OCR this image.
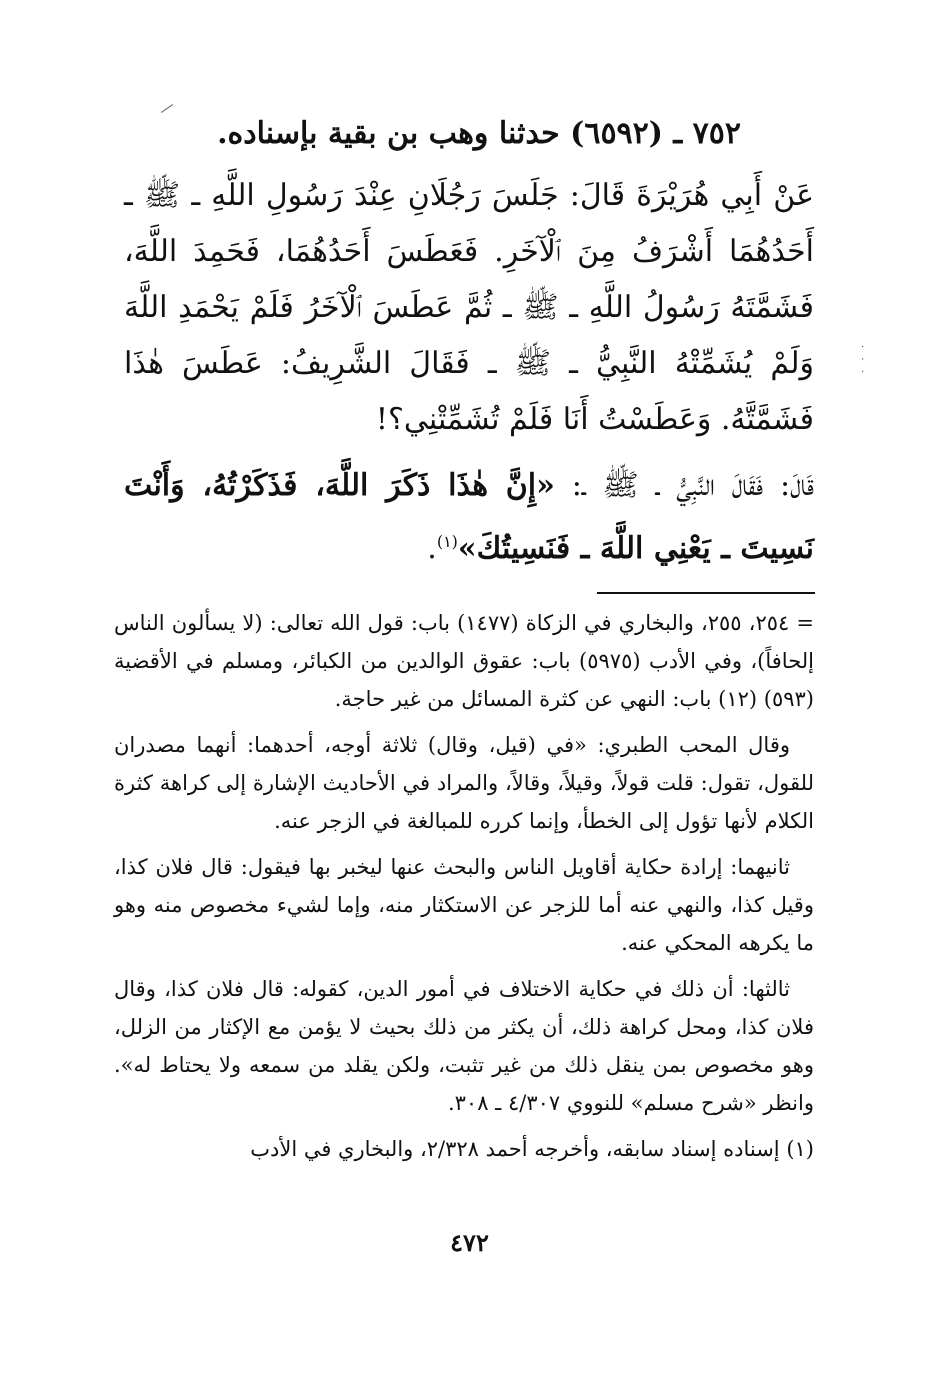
· · ·
٧٥٢ ـ (٦٥٩٢) حدثنا وهب بن بقية بإسناده.

عَنْ أَبِي هُرَيْرَةَ قَالَ: جَلَسَ رَجُلَانِ عِنْدَ رَسُولِ اللَّهِ ـ ﷺ ـ أَحَدُهُمَا أَشْرَفُ مِنَ ٱلْآخَرِ. فَعَطَسَ أَحَدُهُمَا، فَحَمِدَ اللَّهَ، فَشَمَّتَهُ رَسُولُ اللَّهِ ـ ﷺ ـ ثُمَّ عَطَسَ ٱلْآخَرُ فَلَمْ يَحْمَدِ اللَّهَ وَلَمْ يُشَمِّتْهُ النَّبِيُّ ـ ﷺ ـ فَقَالَ الشَّرِيفُ: عَطَسَ هٰذَا فَشَمَّتَّهُ. وَعَطَسْتُ أَنَا فَلَمْ تُشَمِّتْنِي؟!

قَالَ: فَقَالَ النَّبِيُّ ـ ﷺ ـ: «إِنَّ هٰذَا ذَكَرَ اللَّهَ، فَذَكَرْتُهُ، وَأَنْتَ نَسِيتَ ـ يَعْنِي اللَّهَ ـ فَنَسِيتُكَ»$^{(١)}$.

= ٢٥٤، ٢٥٥، والبخاري في الزكاة (١٤٧٧) باب: قول الله تعالى: (لا يسألون الناس إلحافاً)، وفي الأدب (٥٩٧٥) باب: عقوق الوالدين من الكبائر، ومسلم في الأقضية (٥٩٣) (١٢) باب: النهي عن كثرة المسائل من غير حاجة.

وقال المحب الطبري: «في (قيل، وقال) ثلاثة أوجه، أحدهما: أنهما مصدران للقول، تقول: قلت قولاً، وقيلاً، وقالاً، والمراد في الأحاديث الإشارة إلى كراهة كثرة الكلام لأنها تؤول إلى الخطأ، وإنما كرره للمبالغة في الزجر عنه.

ثانيهما: إرادة حكاية أقاويل الناس والبحث عنها ليخبر بها فيقول: قال فلان كذا، وقيل كذا، والنهي عنه أما للزجر عن الاستكثار منه، وإما لشيء مخصوص منه وهو ما يكرهه المحكي عنه.

ثالثها: أن ذلك في حكاية الاختلاف في أمور الدين، كقوله: قال فلان كذا، وقال فلان كذا، ومحل كراهة ذلك، أن يكثر من ذلك بحيث لا يؤمن مع الإكثار من الزلل، وهو مخصوص بمن ينقل ذلك من غير تثبت، ولكن يقلد من سمعه ولا يحتاط له». وانظر «شرح مسلم» للنووي ٤/٣٠٧ ـ ٣٠٨.

(١) إسناده إسناد سابقه، وأخرجه أحمد ٢/٣٢٨، والبخاري في الأدب

٤٧٢
